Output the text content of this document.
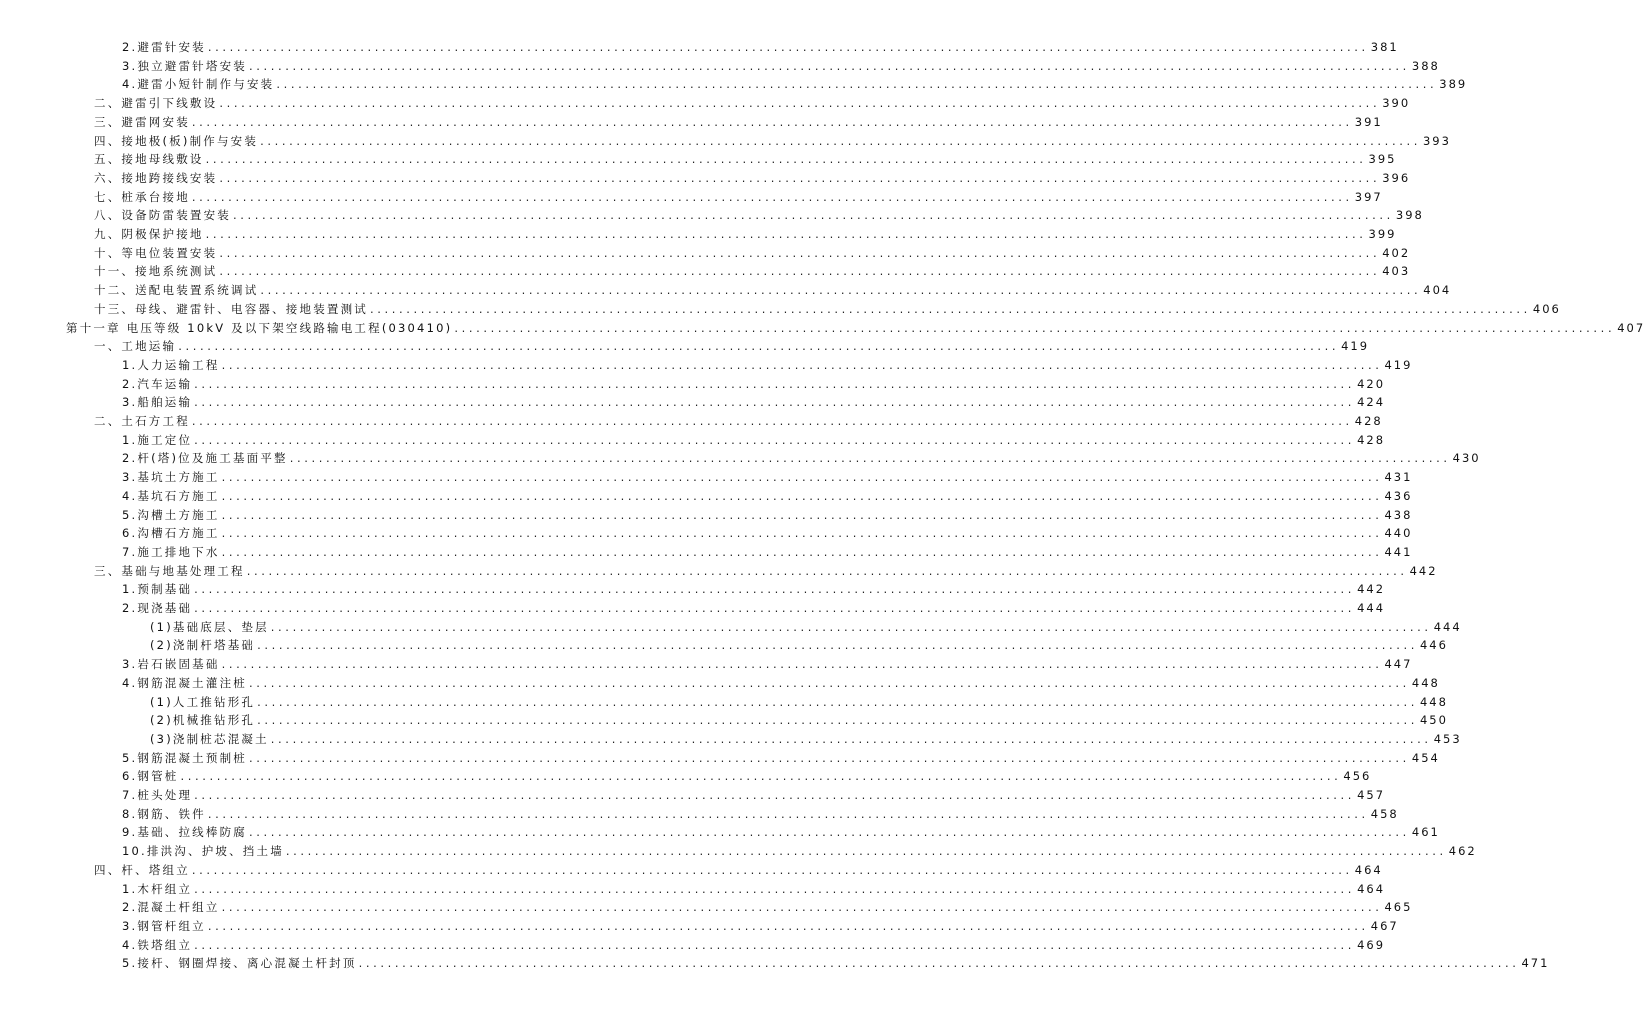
2.避雷针安装 ................................................................................................................................................................ 381
3.独立避雷针塔安装 ................................................................................................................................................................ 388
4.避雷小短针制作与安装 ................................................................................................................................................................ 389
二、避雷引下线敷设 ................................................................................................................................................................ 390
三、避雷网安装 ................................................................................................................................................................ 391
四、接地极(板)制作与安装 ................................................................................................................................................................ 393
五、接地母线敷设 ................................................................................................................................................................ 395
六、接地跨接线安装 ................................................................................................................................................................ 396
七、桩承台接地 ................................................................................................................................................................ 397
八、设备防雷装置安装 ................................................................................................................................................................ 398
九、阴极保护接地 ................................................................................................................................................................ 399
十、等电位装置安装 ................................................................................................................................................................ 402
十一、接地系统测试 ................................................................................................................................................................ 403
十二、送配电装置系统调试 ................................................................................................................................................................ 404
十三、母线、避雷针、电容器、接地装置测试 ................................................................................................................................................................ 406
第十一章 电压等级 10kV 及以下架空线路输电工程(030410) ................................................................................................................................................................ 407
一、工地运输 ................................................................................................................................................................ 419
1.人力运输工程 ................................................................................................................................................................ 419
2.汽车运输 ................................................................................................................................................................ 420
3.船舶运输 ................................................................................................................................................................ 424
二、土石方工程 ................................................................................................................................................................ 428
1.施工定位 ................................................................................................................................................................ 428
2.杆(塔)位及施工基面平整 ................................................................................................................................................................ 430
3.基坑土方施工 ................................................................................................................................................................ 431
4.基坑石方施工 ................................................................................................................................................................ 436
5.沟槽土方施工 ................................................................................................................................................................ 438
6.沟槽石方施工 ................................................................................................................................................................ 440
7.施工排地下水 ................................................................................................................................................................ 441
三、基础与地基处理工程 ................................................................................................................................................................ 442
1.预制基础 ................................................................................................................................................................ 442
2.现浇基础 ................................................................................................................................................................ 444
(1)基础底层、垫层 ................................................................................................................................................................ 444
(2)浇制杆塔基础 ................................................................................................................................................................ 446
3.岩石嵌固基础 ................................................................................................................................................................ 447
4.钢筋混凝土灌注桩 ................................................................................................................................................................ 448
(1)人工推钻形孔 ................................................................................................................................................................ 448
(2)机械推钻形孔 ................................................................................................................................................................ 450
(3)浇制桩芯混凝土 ................................................................................................................................................................ 453
5.钢筋混凝土预制桩 ................................................................................................................................................................ 454
6.钢管桩 ................................................................................................................................................................ 456
7.桩头处理 ................................................................................................................................................................ 457
8.钢筋、铁件 ................................................................................................................................................................ 458
9.基础、拉线棒防腐 ................................................................................................................................................................ 461
10.排洪沟、护坡、挡土墙 ................................................................................................................................................................ 462
四、杆、塔组立 ................................................................................................................................................................ 464
1.木杆组立 ................................................................................................................................................................ 464
2.混凝土杆组立 ................................................................................................................................................................ 465
3.钢管杆组立 ................................................................................................................................................................ 467
4.铁塔组立 ................................................................................................................................................................ 469
5.接杆、钢圈焊接、离心混凝土杆封顶 ................................................................................................................................................................ 471
